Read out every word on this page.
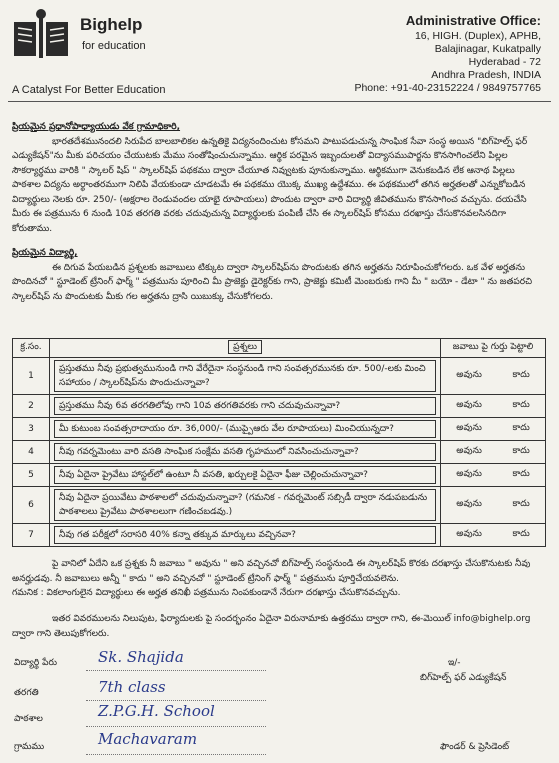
Bighelp
for education
A Catalyst For Better Education
Administrative Office:
16, HIGH. (Duplex), APHB,
Balajinagar, Kukatpally
Hyderabad - 72
Andhra Pradesh, INDIA
Phone: +91-40-23152224 / 9849757765
ప్రియమైన ప్రధానోపాధ్యాయుడు వేక గ్రామాధికారి,
భారతదేశమునందలి సిరుపేద బాలబాలికల ఉన్నతికై విద్యనందించుట కోసమని పాటుపడుచున్న సాంఘిక సేవా సంస్థ అయిన "బిగ్‌హెల్ప్ ఫర్ ఎడ్యుకేషన్"ను మీకు పరిచయం చేయుటకు మేము సంతోషించుచున్నాము. ఆర్థిక పరమైన ఇబ్బందులతో విద్యాసముపార్జను కొనసాగించలేని పిల్లల సౌకర్యార్థము వారికి " స్కాలర్ షిప్ " స్కాలర్‌షిప్ పథకము ద్వారా చేయూత నివ్వుటకు పూనుకున్నాము. ఆర్థికముగా వెనుకబడిన లేక ఆనాథ పిల్లలు పాఠశాల విద్యను అర్థాంతరముగా నిలిపి వేయకుండా చూడటమే ఈ పథకము యొక్క ముఖ్య ఉద్దేశము. ఈ పథకములో తగిన అర్హతలతో ఎన్నుకోబడిన విద్యార్థులు నెలకు రూ. 250/- (అక్షరాల రెండువందల యాభై రూపాయలు) పొందుట ద్వారా వారి విద్యార్థి జీవితమును కొనసాగించ వచ్చును. దయచేసి మీరు ఈ పత్రమును 6 నుండి 10వ తరగతి వరకు చదువుచున్న విద్యార్థులకు పంపిణీ చేసి ఈ స్కాలర్‌షిప్ కోసము దరఖాస్తు చేసుకొనవలసినదిగా కోరుతాము.
ప్రియమైన విద్యార్థి,
ఈ దిగువ పేయబడిన ప్రశ్నలకు జవాబులు టిక్కుట ద్వారా స్కాలర్‌షిప్‌ను పొందుటకు తగిన అర్హతను నిరూపించుకోగలరు. ఒక వేళ అర్హతను పొందినచో " స్టూడెంట్ ట్రేనింగ్ ఫార్మ్ " పత్రమును పూరించి మీ ప్రాజెక్టు డైరెక్టర్‌కు గాని, ప్రాజెక్టు కమిటీ మెంబరుకు గాని మీ " బయో - డేటా " ను జతపరచి స్కాలర్‌షిప్ ను పొందుటకు మీకు గల అర్హతను ద్రాసి యిబుక్కు చేసుకోగలరు.
క్ర.సం.	ప్రశ్నలు	జవాబు పై గుర్తు పెట్టాలి
1	ప్రస్తుతము నీవు ప్రభుత్వమునుండి గాని వేరేదైనా సంస్థనుండి గాని సంవత్సరమునకు రూ. 500/-లకు మించి సహాయం / స్కాలర్‌షిప్‌ను పొందుచున్నావా?	అవును కాదు

2	ప్రస్తుతము నీవు 6వ తరగతిలోవు గాని 10వ తరగతివరకు గాని చదువుచున్నావా?	అవును కాదు

3	మీ కుటుంబ సంవత్సరాదాయం రూ. 36,000/- (ముప్పైఆరు వేల రూపాయలు) మించియున్నదా?	అవును కాదు

4	నీవు గవర్నమెంటు వారి వసతి సాంఘిక సంక్షేమ వసతి గృహములో నివసించుచున్నావా?	అవును కాదు

5	నీవు ఏదైనా ప్రైవేటు హాస్టల్‌లో ఉంటూ నీ వసతి, ఖర్చులకై ఏదైనా ఫీజు చెల్లించుచున్నావా?	అవును కాదు

6	నీవు ఏదైనా ప్రయివేటు పాఠశాలలో చదువుచున్నావా? (గమనిక - గవర్నమెంట్ సబ్సిడీ ద్వారా నడుపబడును పాఠశాలలు ప్రైవేటు పాఠశాలలుగా గణించబడవు.)	అవును కాదు

7	నీవు గత పరీక్షలో సరాసరి 40% కన్నా తక్కువ మార్కులు వచ్చినవా?	అవును కాదు
పై వానిలో ఏదేని ఒక ప్రశ్నకు నీ జవాబు " అవును " అని వచ్చినచో బిగ్‌హెల్ప్ సంస్థనుండి ఈ స్కాలర్‌షిప్ కొరకు దరఖాస్తు చేసుకొనుటకు నీవు అనర్హుడవు. నీ జవాబులు అన్నీ " కాదు " అని వచ్చినచో " స్టూడెంట్ ట్రేనింగ్ ఫార్మ్ " పత్రమును పూర్తిచేయవలెను.
గమనిక : వికలాంగులైన విద్యార్థులు ఈ అర్హత తనిఖీ పత్రమును నింపకుండానే నేరుగా దరఖాస్తు చేసుకొనవచ్చును.
ఇతర వివరములను నిలుపుట, ఫిర్యాదులకు పై సందర్భంనం ఏదైనా విరునామాకు ఉత్తరము ద్వారా గాని, ఈ-మెయిల్ info@bighelp.org ద్వారా గాని తెలుపుకోగలరు.
విద్యార్థి పేరు	Sk. Shajida
తరగతి	7th class
పాఠశాల	Z.P.G.H. School
గ్రామము	Machavaram
ఇ/-
బిగ్‌హెల్ప్ ఫర్ ఎడ్యుకేషన్
ఫౌండర్ & ప్రెసిడెంట్
